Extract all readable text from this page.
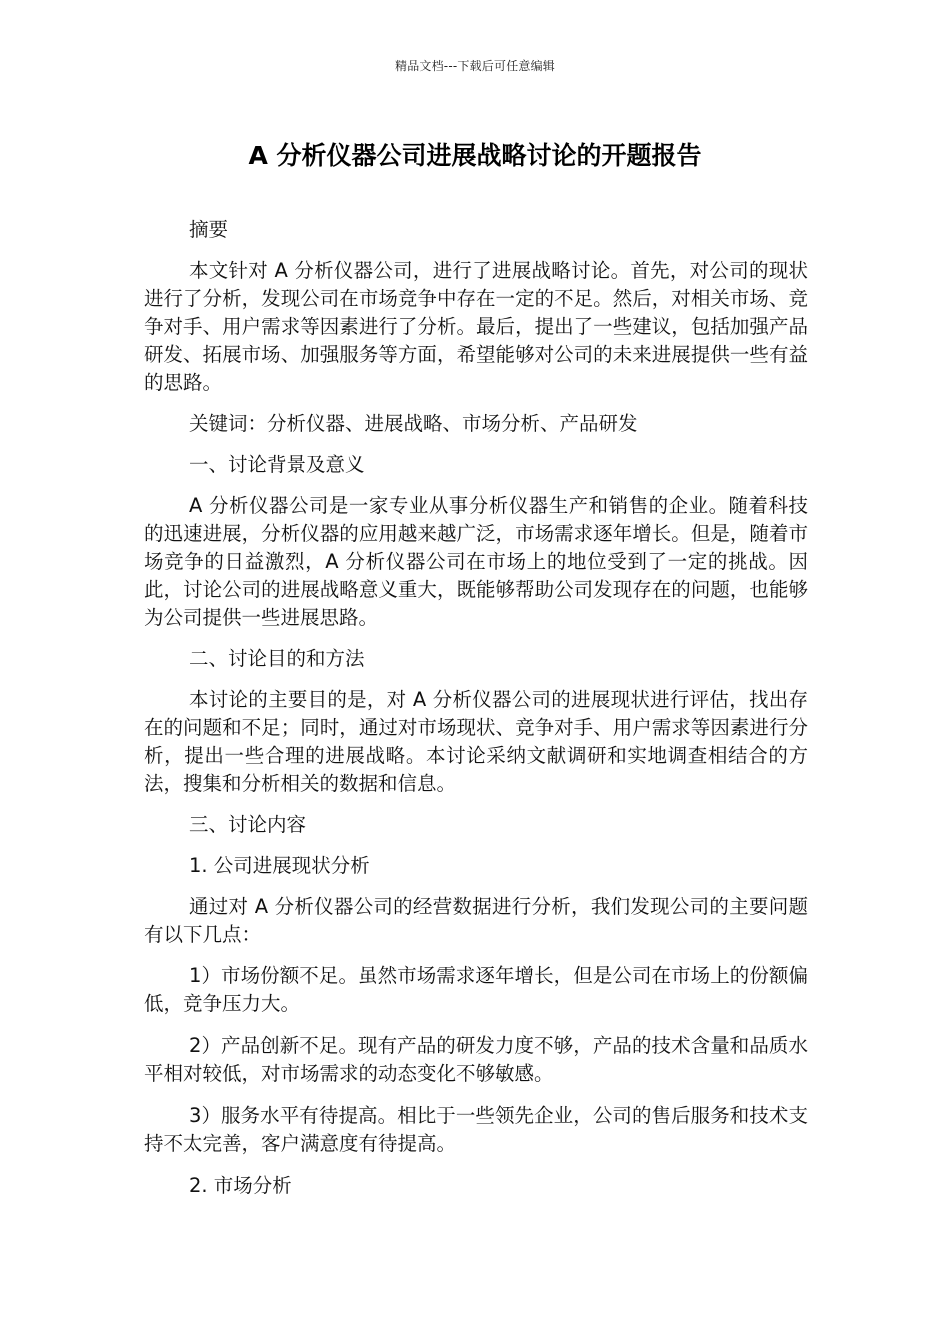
精品文档---下载后可任意编辑
A 分析仪器公司进展战略讨论的开题报告

摘要

本文针对 A 分析仪器公司，进行了进展战略讨论。首先，对公司的现状进行了分析，发现公司在市场竞争中存在一定的不足。然后，对相关市场、竞争对手、用户需求等因素进行了分析。最后，提出了一些建议，包括加强产品研发、拓展市场、加强服务等方面，希望能够对公司的未来进展提供一些有益的思路。

关键词：分析仪器、进展战略、市场分析、产品研发

一、讨论背景及意义

A 分析仪器公司是一家专业从事分析仪器生产和销售的企业。随着科技的迅速进展，分析仪器的应用越来越广泛，市场需求逐年增长。但是，随着市场竞争的日益激烈，A 分析仪器公司在市场上的地位受到了一定的挑战。因此，讨论公司的进展战略意义重大，既能够帮助公司发现存在的问题，也能够为公司提供一些进展思路。

二、讨论目的和方法

本讨论的主要目的是，对 A 分析仪器公司的进展现状进行评估，找出存在的问题和不足；同时，通过对市场现状、竞争对手、用户需求等因素进行分析，提出一些合理的进展战略。本讨论采纳文献调研和实地调查相结合的方法，搜集和分析相关的数据和信息。

三、讨论内容

1. 公司进展现状分析

通过对 A 分析仪器公司的经营数据进行分析，我们发现公司的主要问题有以下几点：

1）市场份额不足。虽然市场需求逐年增长，但是公司在市场上的份额偏低，竞争压力大。

2）产品创新不足。现有产品的研发力度不够，产品的技术含量和品质水平相对较低，对市场需求的动态变化不够敏感。

3）服务水平有待提高。相比于一些领先企业，公司的售后服务和技术支持不太完善，客户满意度有待提高。

2. 市场分析
